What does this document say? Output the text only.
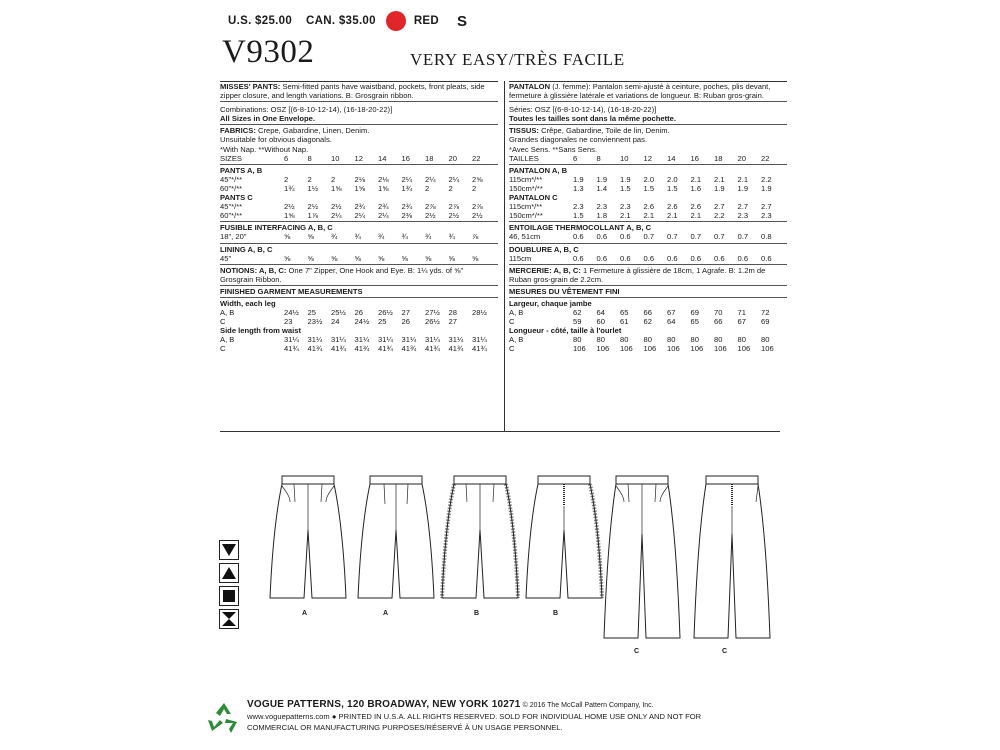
U.S. $25.00 CAN. $35.00	RED S
V9302	VERY EASY/TRÈS FACILE

MISSES' PANTS: Semi-fitted pants have waistband, pockets, front pleats, side zipper closure, and length variations. B: Grosgrain ribbon.

Combinations: OSZ [(6-8-10-12-14), (16-18-20-22)]

All Sizes in One Envelope.

FABRICS: Crepe, Gabardine, Linen, Denim.

Unsuitable for obvious diagonals.

*With Nap. **Without Nap.

SIZES	6	8	10	12	14	16	18	20	22

PANTS A, B

45"*/**	2	2	2	2⅛	2⅛	2¼	2¼	2¼	2⅝
60"*/**	1¾	1½	1⅝	1⅝	1⅝	1¾	2	2	2

PANTS C

45"*/**	2½	2½	2½	2¾	2¾	2¾	2⅞	2⅞	2⅞
60"*/**	1⅝	1⅞	2¼	2¼	2¼	2⅜	2½	2½	2½

FUSIBLE INTERFACING A, B, C

18", 20"	⅝	⅝	¾	¾	¾	¾	¾	¾	⅞

LINING A, B, C

45"	⅝	⅝	⅝	⅝	⅝	⅝	⅝	⅝	⅝

NOTIONS: A, B, C: One 7" Zipper, One Hook and Eye. B: 1¼ yds. of ⅝" Grosgrain Ribbon.

FINISHED GARMENT MEASUREMENTS

Width, each leg

A, B	24½	25	25½	26	26½	27	27½	28	28½
C	23	23½	24	24½	25	26	26½	27

Side length from waist

A, B	31¼	31¼	31¼	31¼	31¼	31¼	31¼	31¼	31¼
C	41¾	41¾	41¾	41¾	41¾	41¾	41¾	41¾	41¾

PANTALON (J. femme): Pantalon semi-ajusté à ceinture, poches, plis devant, fermeture à glissière latérale et variations de longueur. B: Ruban gros-grain.

Séries: OSZ [(6-8-10-12-14), (16-18-20-22)]

Toutes les tailles sont dans la même pochette.

TISSUS: Crêpe, Gabardine, Toile de lin, Denim.

Grandes diagonales ne conviennent pas.

*Avec Sens. **Sans Sens.

TAILLES	6	8	10	12	14	16	18	20	22

PANTALON A, B

115cm*/**	1.9	1.9	1.9	2.0	2.0	2.1	2.1	2.1	2.2
150cm*/**	1.3	1.4	1.5	1.5	1.5	1.6	1.9	1.9	1.9

PANTALON C

115cm*/**	2.3	2.3	2.3	2.6	2.6	2.6	2.7	2.7	2.7
150cm*/**	1.5	1.8	2.1	2.1	2.1	2.1	2.2	2.3	2.3

ENTOILAGE THERMOCOLLANT A, B, C

46, 51cm	0.6	0.6	0.6	0.7	0.7	0.7	0.7	0.7	0.8

DOUBLURE A, B, C

115cm	0.6	0.6	0.6	0.6	0.6	0.6	0.6	0.6	0.6

MERCERIE: A, B, C: 1 Fermeture à glissière de 18cm, 1 Agrafe. B: 1.2m de Ruban gros-grain de 2.2cm.

MESURES DU VÊTEMENT FINI

Largeur, chaque jambe

A, B	62	64	65	66	67	69	70	71	72
C	59	60	61	62	64	65	66	67	69

Longueur - côté, taille à l'ourlet

A, B	80	80	80	80	80	80	80	80	80
C	106	106	106	106	106	106	106	106	106
A	A	B	B
C	C
VOGUE PATTERNS, 120 BROADWAY, NEW YORK 10271 © 2016 The McCall Pattern Company, Inc.
www.voguepatterns.com ● PRINTED IN U.S.A. ALL RIGHTS RESERVED. SOLD FOR INDIVIDUAL HOME USE ONLY AND NOT FOR
COMMERCIAL OR MANUFACTURING PURPOSES/RÉSERVÉ À UN USAGE PERSONNEL.
